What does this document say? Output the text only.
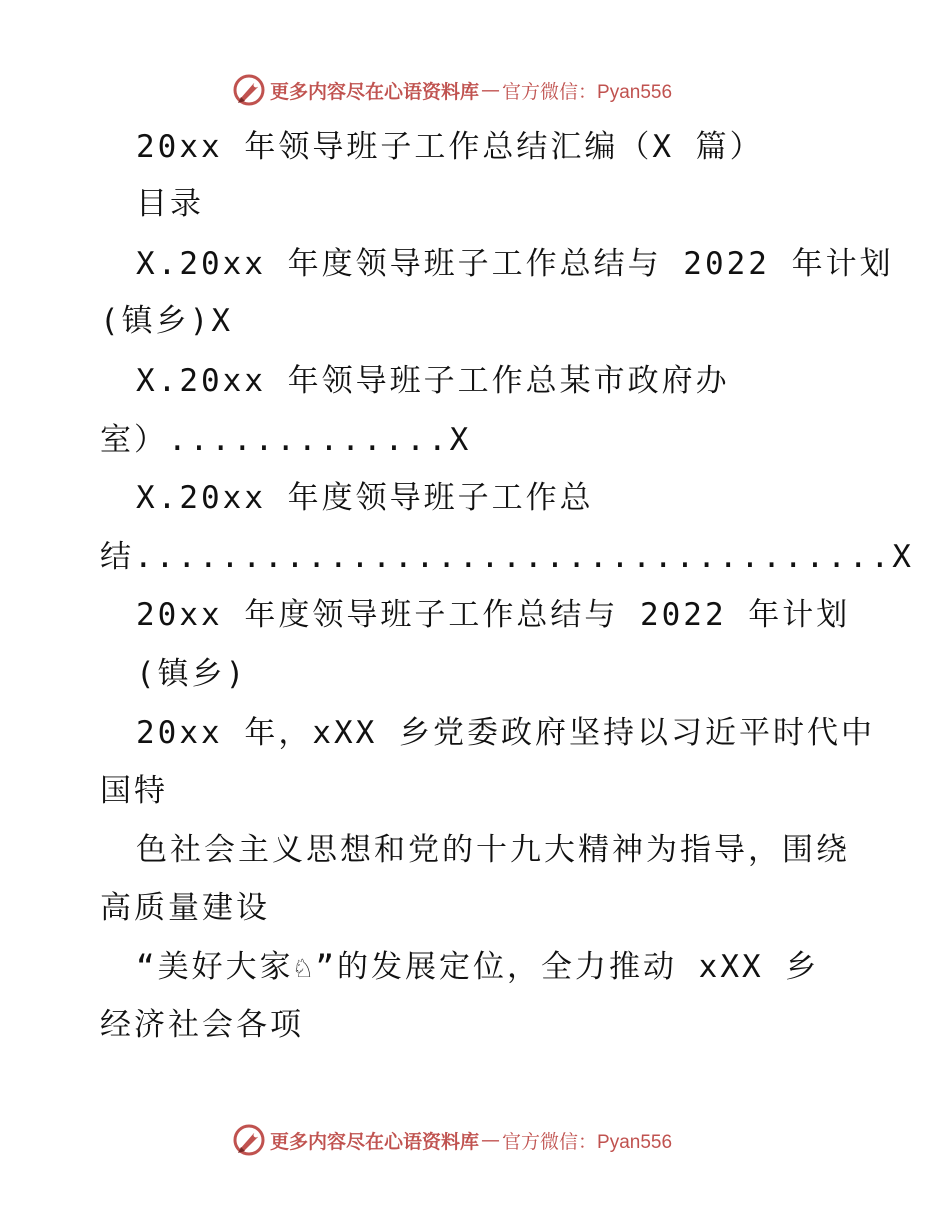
更多内容尽在心语资料库 — 官方微信：Pyan556
20xx 年领导班子工作总结汇编（X 篇）
目录
X.20xx 年度领导班子工作总结与 2022 年计划
(镇乡)X
X.20xx 年领导班子工作总某市政府办
室）.............X
X.20xx 年度领导班子工作总
结...................................X
20xx 年度领导班子工作总结与 2022 年计划
(镇乡)
20xx 年，xXX 乡党委政府坚持以习近平时代中
国特
色社会主义思想和党的十九大精神为指导，围绕
高质量建设
“美好大家♘”的发展定位，全力推动 xXX 乡
经济社会各项
更多内容尽在心语资料库 — 官方微信：Pyan556
